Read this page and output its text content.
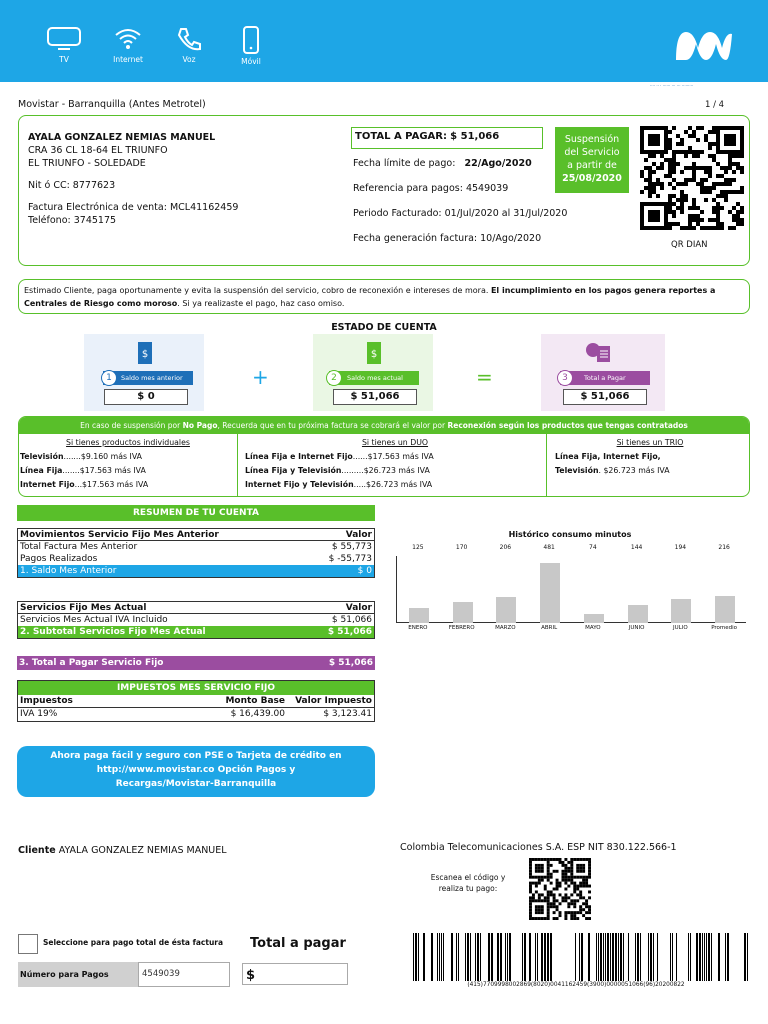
TV	Internet	Voz	Móvil
···· ·· · ······ ··· ··· ·········
Movistar - Barranquilla (Antes Metrotel)	1 / 4
AYALA GONZALEZ NEMIAS MANUEL
CRA 36 CL 18-64 EL TRIUNFO
EL TRIUNFO - SOLEDADE
Nit ó CC: 8777623
Factura Electrónica de venta: MCL41162459
Teléfono: 3745175
TOTAL A PAGAR: $ 51,066
Fecha límite de pago: 22/Ago/2020
Referencia para pagos: 4549039
Periodo Facturado: 01/Jul/2020 al 31/Jul/2020
Fecha generación factura: 10/Ago/2020
Suspensión
del Servicio
a partir de
25/08/2020
QR DIAN
Estimado Cliente, paga oportunamente y evita la suspensión del servicio, cobro de reconexión e intereses de mora. El incumplimiento en los pagos genera reportes a Centrales de Riesgo como moroso. Si ya realizaste el pago, haz caso omiso.
ESTADO DE CUENTA
$	$
Saldo mes anterior
1
$ 0
Saldo mes actual
2
$ 51,066
Total a Pagar
3
$ 51,066
+	=
En caso de suspensión por No Pago, Recuerda que en tu próxima factura se cobrará el valor por Reconexión según los productos que tengas contratados
Si tienes productos individuales
Televisión.......$9.160 más IVA
Línea Fija.......$17.563 más IVA
Internet Fijo...$17.563 más IVA
Si tienes un DUO
Línea Fija e Internet Fijo......$17.563 más IVA
Línea Fija y Televisión.........$26.723 más IVA
Internet Fijo y Televisión.....$26.723 más IVA
Si tienes un TRIO
Línea Fija, Internet Fijo,
Televisión. $26.723 más IVA
RESUMEN DE TU CUENTA
Movimientos Servicio Fijo Mes Anterior	Valor
Total Factura Mes Anterior	$ 55,773
Pagos Realizados	$ -55,773
1. Saldo Mes Anterior	$ 0
Servicios Fijo Mes Actual	Valor
Servicios Mes Actual IVA Incluido	$ 51,066
2. Subtotal Servicios Fijo Mes Actual	$ 51,066
3. Total a Pagar Servicio Fijo	$ 51,066
IMPUESTOS MES SERVICIO FIJO
Impuestos	Monto Base	Valor Impuesto
IVA 19%	$ 16,439.00	$ 3,123.41
Ahora paga fácil y seguro con PSE o Tarjeta de crédito en http://www.movistar.co Opción Pagos y Recargas/Movistar-Barranquilla
Histórico consumo minutos
125	170	206	481	74	144	194	216
ENERO	FEBRERO	MARZO	ABRIL	MAYO	JUNIO	JULIO	Promedio
Cliente AYALA GONZALEZ NEMIAS MANUEL	Colombia Telecomunicaciones S.A. ESP NIT 830.122.566-1
Escanea el código y realiza tu pago:
Seleccione para pago total de ésta factura Total a pagar
Número para Pagos	4549039	$
(415)7709998002869(8020)0041162459(3900)0000051066(96)20200822
